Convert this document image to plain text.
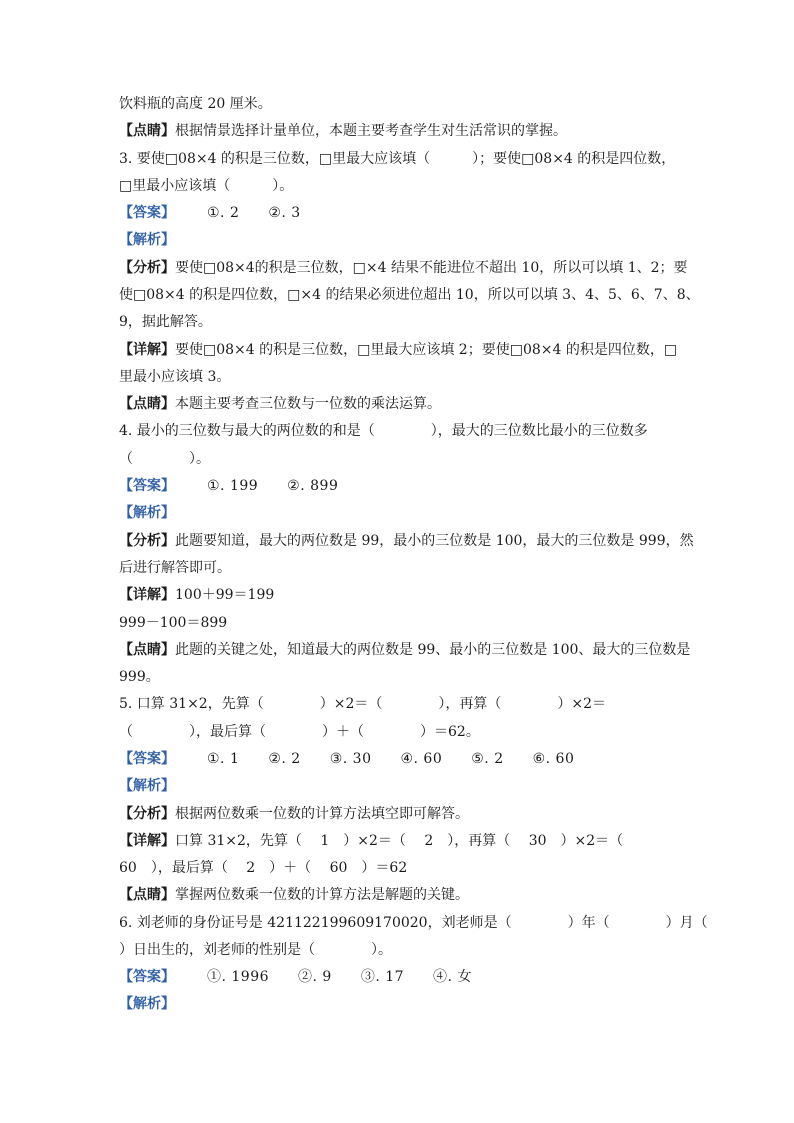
饮料瓶的高度 20 厘米。
【点睛】根据情景选择计量单位，本题主要考查学生对生活常识的掌握。
3. 要使□08×4 的积是三位数，□里最大应该填（　　　）；要使□08×4 的积是四位数，
□里最小应该填（　　　）。
【答案】 ①. 2　　②. 3
【解析】
【分析】要使□08×4的积是三位数，□×4 结果不能进位不超出 10，所以可以填 1、2；要
使□08×4 的积是四位数，□×4 的结果必须进位超出 10，所以可以填 3、4、5、6、7、8、
9，据此解答。
【详解】要使□08×4 的积是三位数，□里最大应该填 2；要使□08×4 的积是四位数，□
里最小应该填 3。
【点睛】本题主要考查三位数与一位数的乘法运算。
4. 最小的三位数与最大的两位数的和是（　　　　），最大的三位数比最小的三位数多
（　　　　）。
【答案】 ①. 199　　②. 899
【解析】
【分析】此题要知道，最大的两位数是 99，最小的三位数是 100，最大的三位数是 999，然
后进行解答即可。
【详解】100＋99＝199
999－100＝899
【点睛】此题的关键之处，知道最大的两位数是 99、最小的三位数是 100、最大的三位数是
999。
5. 口算 31×2，先算（　　　　）×2＝（　　　　），再算（　　　　）×2＝
（　　　　），最后算（　　　　）＋（　　　　）＝62。
【答案】 ①. 1　　②. 2　　③. 30　　④. 60　　⑤. 2　　⑥. 60
【解析】
【分析】根据两位数乘一位数的计算方法填空即可解答。
【详解】口算 31×2，先算（　 1　）×2＝（　 2　），再算（　 30　）×2＝（
60　），最后算（　 2　）＋（　 60　）＝62
【点睛】掌握两位数乘一位数的计算方法是解题的关键。
6. 刘老师的身份证号是 421122199609170020，刘老师是（　　　　）年（　　　　）月（
）日出生的，刘老师的性别是（　　　　）。
【答案】 ①. 1996　　②. 9　　③. 17　　④. 女
【解析】
